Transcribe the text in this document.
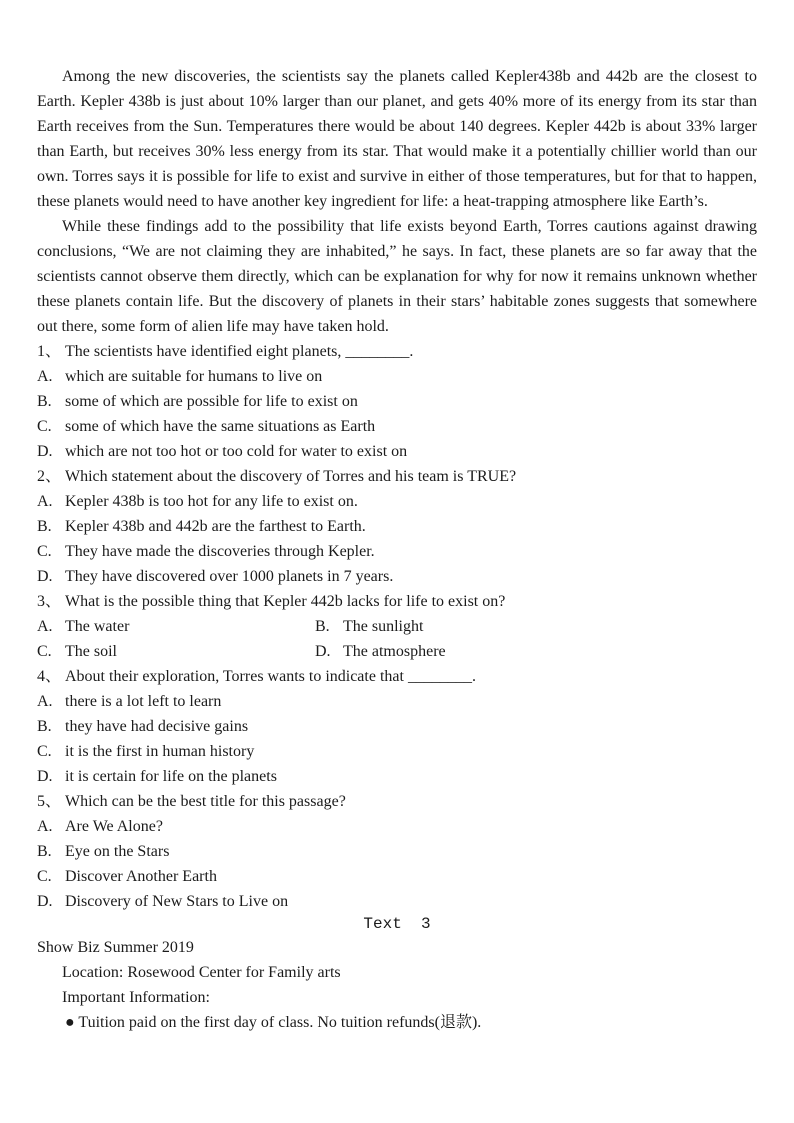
Among the new discoveries, the scientists say the planets called Kepler438b and 442b are the closest to Earth. Kepler 438b is just about 10% larger than our planet, and gets 40% more of its energy from its star than Earth receives from the Sun. Temperatures there would be about 140 degrees. Kepler 442b is about 33% larger than Earth, but receives 30% less energy from its star. That would make it a potentially chillier world than our own. Torres says it is possible for life to exist and survive in either of those temperatures, but for that to happen, these planets would need to have another key ingredient for life: a heat-trapping atmosphere like Earth’s.

While these findings add to the possibility that life exists beyond Earth, Torres cautions against drawing conclusions, “We are not claiming they are inhabited,” he says. In fact, these planets are so far away that the scientists cannot observe them directly, which can be explanation for why for now it remains unknown whether these planets contain life. But the discovery of planets in their stars’ habitable zones suggests that somewhere out there, some form of alien life may have taken hold.

1、 The scientists have identified eight planets, ________.
A. which are suitable for humans to live on
B. some of which are possible for life to exist on
C. some of which have the same situations as Earth
D. which are not too hot or too cold for water to exist on
2、 Which statement about the discovery of Torres and his team is TRUE?
A. Kepler 438b is too hot for any life to exist on.
B. Kepler 438b and 442b are the farthest to Earth.
C. They have made the discoveries through Kepler.
D. They have discovered over 1000 planets in 7 years.
3、 What is the possible thing that Kepler 442b lacks for life to exist on?
A. The water	B. The sunlight
C. The soil	D. The atmosphere
4、 About their exploration, Torres wants to indicate that ________.
A. there is a lot left to learn
B. they have had decisive gains
C. it is the first in human history
D. it is certain for life on the planets
5、 Which can be the best title for this passage?
A. Are We Alone?
B. Eye on the Stars
C. Discover Another Earth
D. Discovery of New Stars to Live on
Text  3
Show Biz Summer 2019
Location: Rosewood Center for Family arts
Important Information:
● Tuition paid on the first day of class. No tuition refunds(退款).
